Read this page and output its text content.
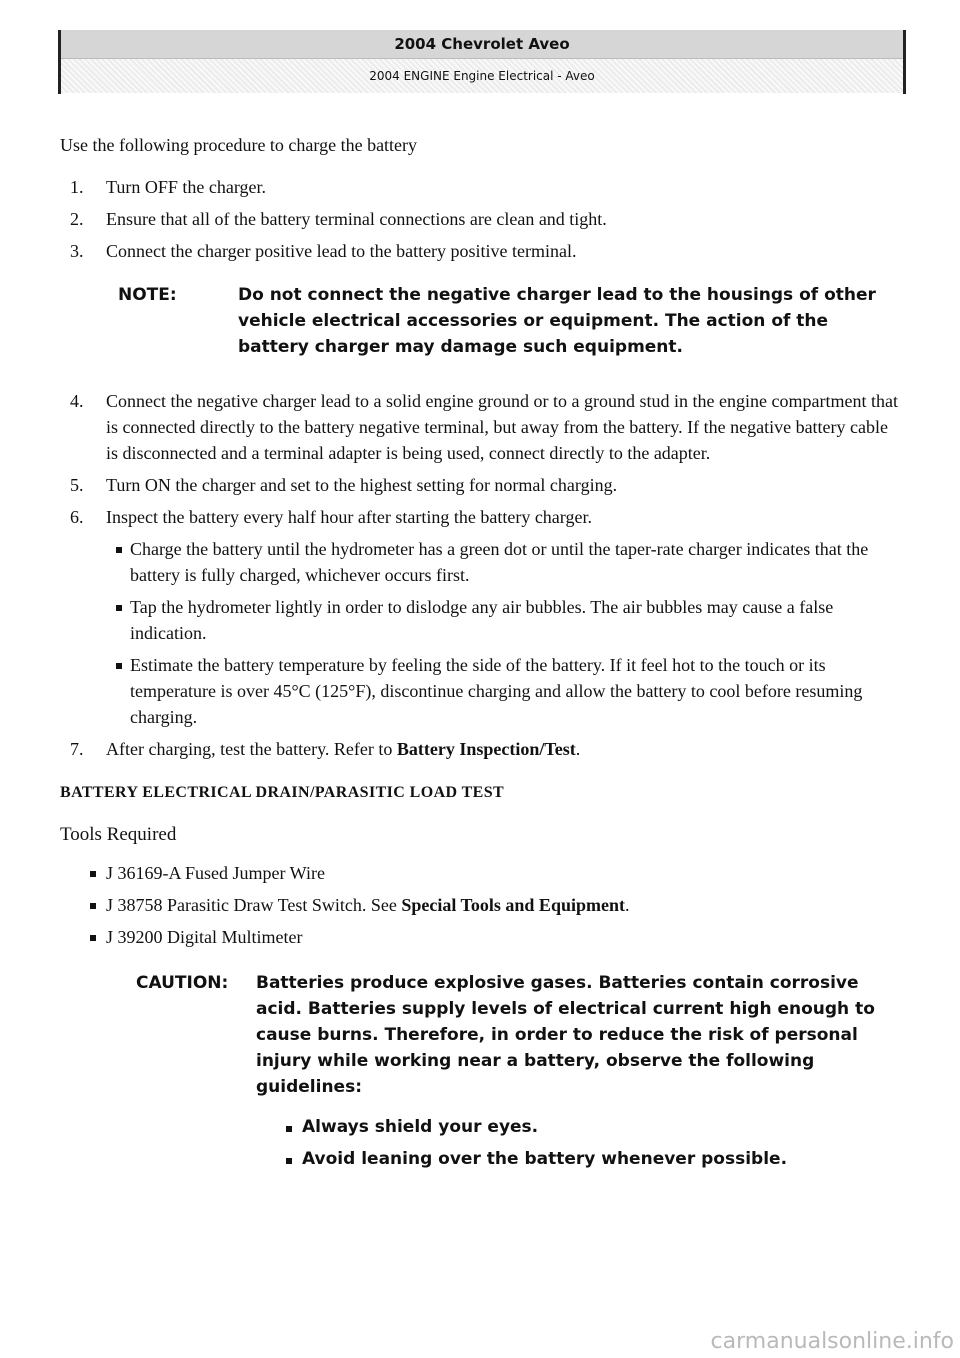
2004 Chevrolet Aveo
2004 ENGINE Engine Electrical - Aveo

Use the following procedure to charge the battery

1. Turn OFF the charger.
2. Ensure that all of the battery terminal connections are clean and tight.
3. Connect the charger positive lead to the battery positive terminal.
NOTE:	Do not connect the negative charger lead to the housings of other vehicle electrical accessories or equipment. The action of the battery charger may damage such equipment.
4. Connect the negative charger lead to a solid engine ground or to a ground stud in the engine compartment that is connected directly to the battery negative terminal, but away from the battery. If the negative battery cable is disconnected and a terminal adapter is being used, connect directly to the adapter.
5. Turn ON the charger and set to the highest setting for normal charging.
6. Inspect the battery every half hour after starting the battery charger.
Charge the battery until the hydrometer has a green dot or until the taper-rate charger indicates that the battery is fully charged, whichever occurs first.
Tap the hydrometer lightly in order to dislodge any air bubbles. The air bubbles may cause a false indication.
Estimate the battery temperature by feeling the side of the battery. If it feel hot to the touch or its temperature is over 45°C (125°F), discontinue charging and allow the battery to cool before resuming charging.
7. After charging, test the battery. Refer to Battery Inspection/Test.

BATTERY ELECTRICAL DRAIN/PARASITIC LOAD TEST

Tools Required

J 36169-A Fused Jumper Wire
J 38758 Parasitic Draw Test Switch. See Special Tools and Equipment.
J 39200 Digital Multimeter
CAUTION: Batteries produce explosive gases. Batteries contain corrosive acid. Batteries supply levels of electrical current high enough to cause burns. Therefore, in order to reduce the risk of personal injury while working near a battery, observe the following guidelines:
Always shield your eyes.
Avoid leaning over the battery whenever possible.
carmanualsonline.info
